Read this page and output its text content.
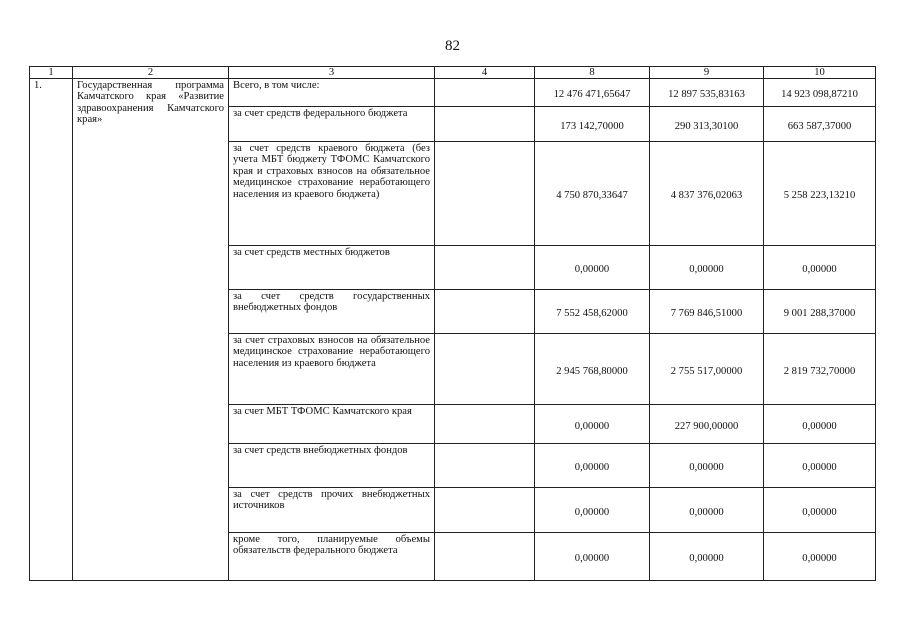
82
1	2	3	4	8	9	10
1.	Государственная программа Камчатского края «Развитие здравоохранения Камчатского края»	Всего, в том числе:		12 476 471,65647	12 897 535,83163	14 923 098,87210
		за счет средств федерального бюджета		173 142,70000	290 313,30100	663 587,37000
		за счет средств краевого бюджета (без учета МБТ бюджету ТФОМС Камчатского края и страховых взносов на обязательное медицинское страхование неработающего населения из краевого бюджета)		4 750 870,33647	4 837 376,02063	5 258 223,13210
		за счет средств местных бюджетов		0,00000	0,00000	0,00000
		за счет средств государственных внебюджетных фондов		7 552 458,62000	7 769 846,51000	9 001 288,37000
		за счет страховых взносов на обязательное медицинское страхование неработающего населения из краевого бюджета		2 945 768,80000	2 755 517,00000	2 819 732,70000
		за счет МБТ ТФОМС Камчатского края		0,00000	227 900,00000	0,00000
		за счет средств внебюджетных фондов		0,00000	0,00000	0,00000
		за счет средств прочих внебюджетных источников		0,00000	0,00000	0,00000
		кроме того, планируемые объемы обязательств федерального бюджета		0,00000	0,00000	0,00000
